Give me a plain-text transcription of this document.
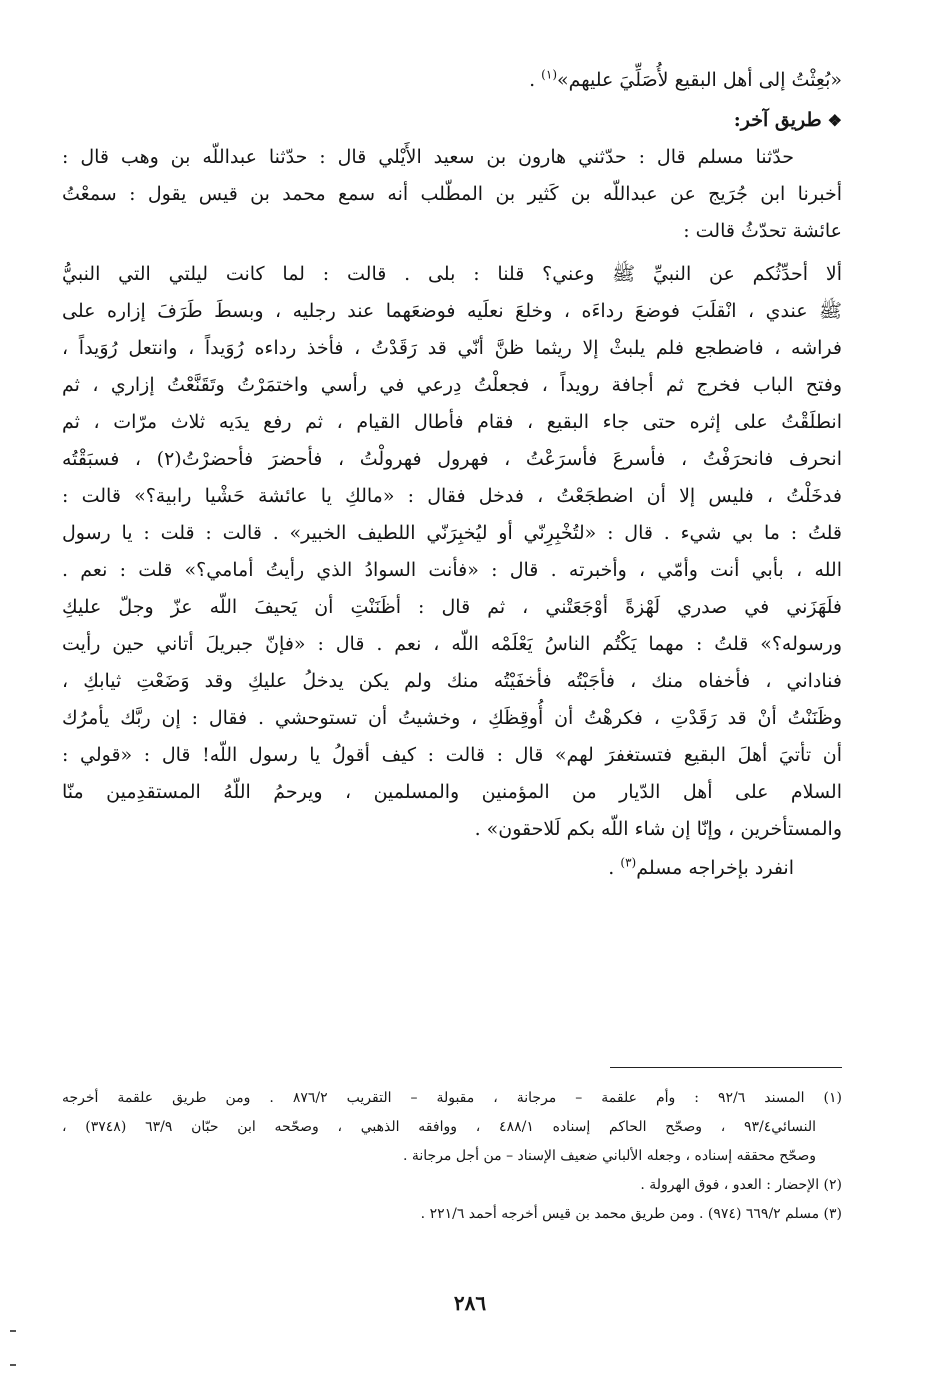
«بُعِثْتُ إلى أهل البقيع لأُصَلِّيَ عليهم»$^{(١)}$ .
❖طريق آخر:
حدّثنا مسلم قال : حدّثني هارون بن سعيد الأَيْلي قال : حدّثنا عبداللّه بن وهب قال :
أخبرنا ابن جُرَيج عن عبداللّه بن كَثير بن المطّلب أنه سمع محمد بن قيس يقول : سمعْتُ
عائشة تحدّثُ قالت :
ألا أحدِّثُكم عن النبيِّ ﷺ وعني؟ قلنا : بلى . قالت : لما كانت ليلتي التي النبيُّ
ﷺ عندي ، انْقلَبَ فوضعَ رداءَه ، وخلعَ نعلَيه فوضعَهما عند رجليه ، وبسطَ طَرَفَ إزاره على
فراشه ، فاضطجع فلم يلبثْ إلا ريثما ظنَّ أنّي قد رَقَدْتُ ، فأخذ رداءه رُوَيداً ، وانتعل رُوَيداً ،
وفتح الباب فخرج ثم أجافة رويداً ، فجعلْتُ دِرعي في رأسي واختمَرْتُ وتَقَنَّعْتُ إزاري ، ثم
انطلَقْتُ على إثره حتى جاء البقيع ، فقام فأطال القيام ، ثم رفع يدَيه ثلاث مرّات ، ثم
انحرف فانحرَفْتُ ، فأسرعَ فأسرَعْتُ ، فهرول فهرولْتُ ، فأحضرَ فأحضرْتُ(٢) ، فسبَقْتُه
فدخَلْتُ ، فليس إلا أن اضطجَعْتُ ، فدخل فقال : «مالكِ يا عائشة حَشْيا رابية؟» قالت :
قلتُ : ما بي شيء . قال : «لتُخْبِرِنّي أو ليُخبِرَنّي اللطيف الخبير» . قالت : قلت : يا رسول
الله ، بأبي أنت وأمّي ، وأخبرته . قال : «فأنت السوادُ الذي رأيتُ أمامي؟» قلت : نعم .
فلَهَزَني في صدري لَهْزةً أوْجَعَتْني ، ثم قال : أظَنَنْتِ أن يَحيفَ اللّه عزّ وجلّ عليكِ
ورسوله؟» قلتُ : مهما يَكْتُم الناسُ يَعْلَمْه اللّه ، نعم . قال : «فإنّ جبريلَ أتاني حين رأيت
فناداني ، فأخفاه منك ، فأجَبْتُه فأخفَيْتُه منك ولم يكن يدخلُ عليكِ وقد وَضَعْتِ ثيابكِ ،
وظَنَنْتُ أنْ قد رَقَدْتِ ، فكرهْتُ أن أُوقِظَكِ ، وخشيتُ أن تستوحشي . فقال : إن ربَّك يأمرُك
أن تأتيَ أهلَ البقيع فتستغفرَ لهم» قال : قالت : كيف أقولُ يا رسول اللّه! قال : «قولي :
السلام على أهل الدّيار من المؤمنين والمسلمين ، ويرحمُ اللّهُ المستقدِمين منّا
والمستأخرين ، وإنّا إن شاء اللّه بكم لَلاحقون» .
انفرد بإخراجه مسلم$^{(٣)}$ .
(١) المسند ٩٢/٦ : وأم علقمة – مرجانة ، مقبولة – التقريب ٨٧٦/٢ . ومن طريق علقمة أخرجه
النسائي٩٣/٤ ، وصحّح الحاكم إسناده ٤٨٨/١ ، ووافقه الذهبي ، وصحّحه ابن حبّان ٦٣/٩ (٣٧٤٨) ،
وصحّح محققه إسناده ، وجعله الألباني ضعيف الإسناد – من أجل مرجانة .
(٢) الإحضار : العدو ، فوق الهرولة .
(٣) مسلم ٦٦٩/٢ (٩٧٤) . ومن طريق محمد بن قيس أخرجه أحمد ٢٢١/٦ .
٢٨٦
